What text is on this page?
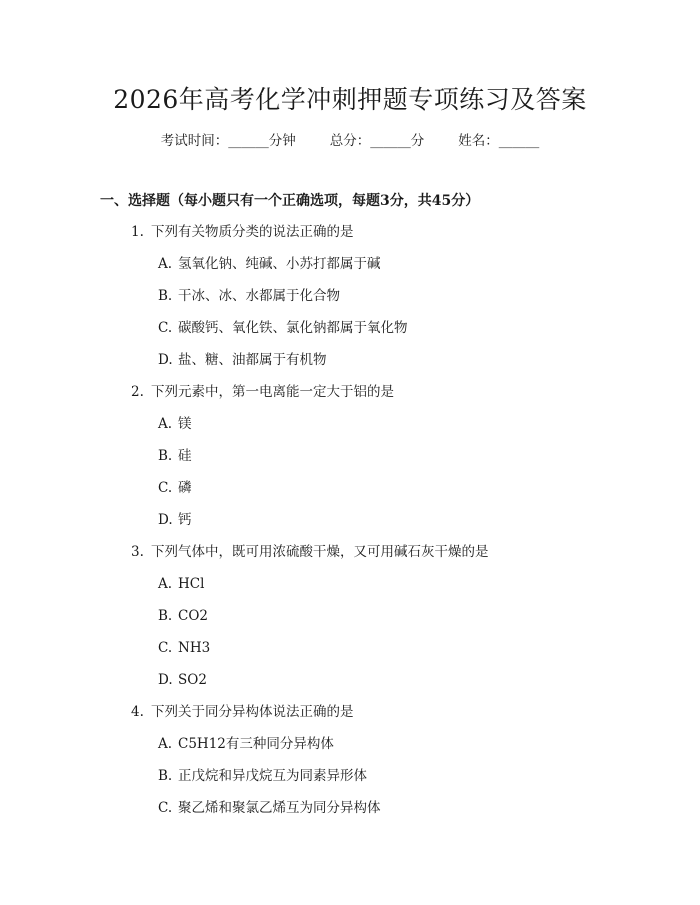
2026年高考化学冲刺押题专项练习及答案
考试时间：______分钟	总分：______分	姓名：______
一、选择题（每小题只有一个正确选项，每题3分，共45分）
1. 下列有关物质分类的说法正确的是
A. 氢氧化钠、纯碱、小苏打都属于碱
B. 干冰、冰、水都属于化合物
C. 碳酸钙、氧化铁、氯化钠都属于氧化物
D. 盐、糖、油都属于有机物
2. 下列元素中，第一电离能一定大于铝的是
A. 镁
B. 硅
C. 磷
D. 钙
3. 下列气体中，既可用浓硫酸干燥，又可用碱石灰干燥的是
A. HCl
B. CO2
C. NH3
D. SO2
4. 下列关于同分异构体说法正确的是
A. C5H12有三种同分异构体
B. 正戊烷和异戊烷互为同素异形体
C. 聚乙烯和聚氯乙烯互为同分异构体
